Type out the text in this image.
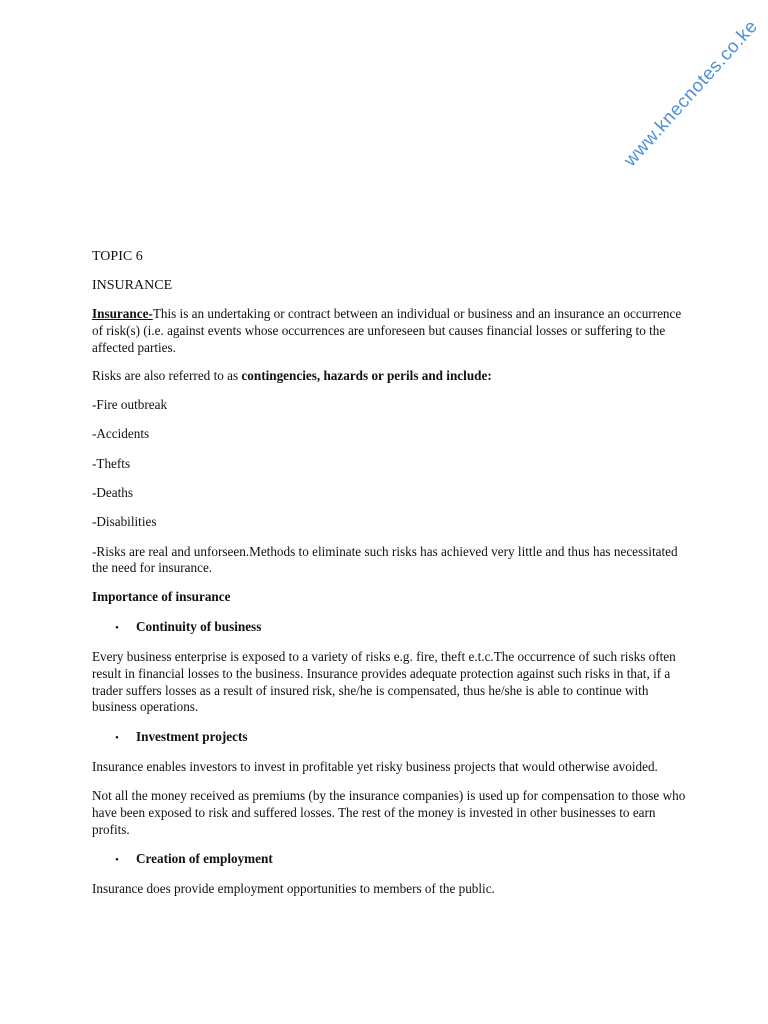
www.knecnotes.co.ke
TOPIC 6
INSURANCE

Insurance-This is an undertaking or contract between an individual or business and an insurance an occurrence of risk(s) (i.e. against events whose occurrences are unforeseen but causes financial losses or suffering to the affected parties.

Risks are also referred to as contingencies, hazards or perils and include:

-Fire outbreak

-Accidents

-Thefts

-Deaths

-Disabilities

-Risks are real and unforseen.Methods to eliminate such risks has achieved very little and thus has necessitated the need for insurance.

Importance of insurance

•	Continuity of business

Every business enterprise is exposed to a variety of risks e.g. fire, theft e.t.c.The occurrence of such risks often result in financial losses to the business. Insurance provides adequate protection against such risks in that, if a trader suffers losses as a result of insured risk, she/he is compensated, thus he/she is able to continue with business operations.

•	Investment projects

Insurance enables investors to invest in profitable yet risky business projects that would otherwise avoided.

Not all the money received as premiums (by the insurance companies) is used up for compensation to those who have been exposed to risk and suffered losses. The rest of the money is invested in other businesses to earn profits.

•	Creation of employment

Insurance does provide employment opportunities to members of the public.
